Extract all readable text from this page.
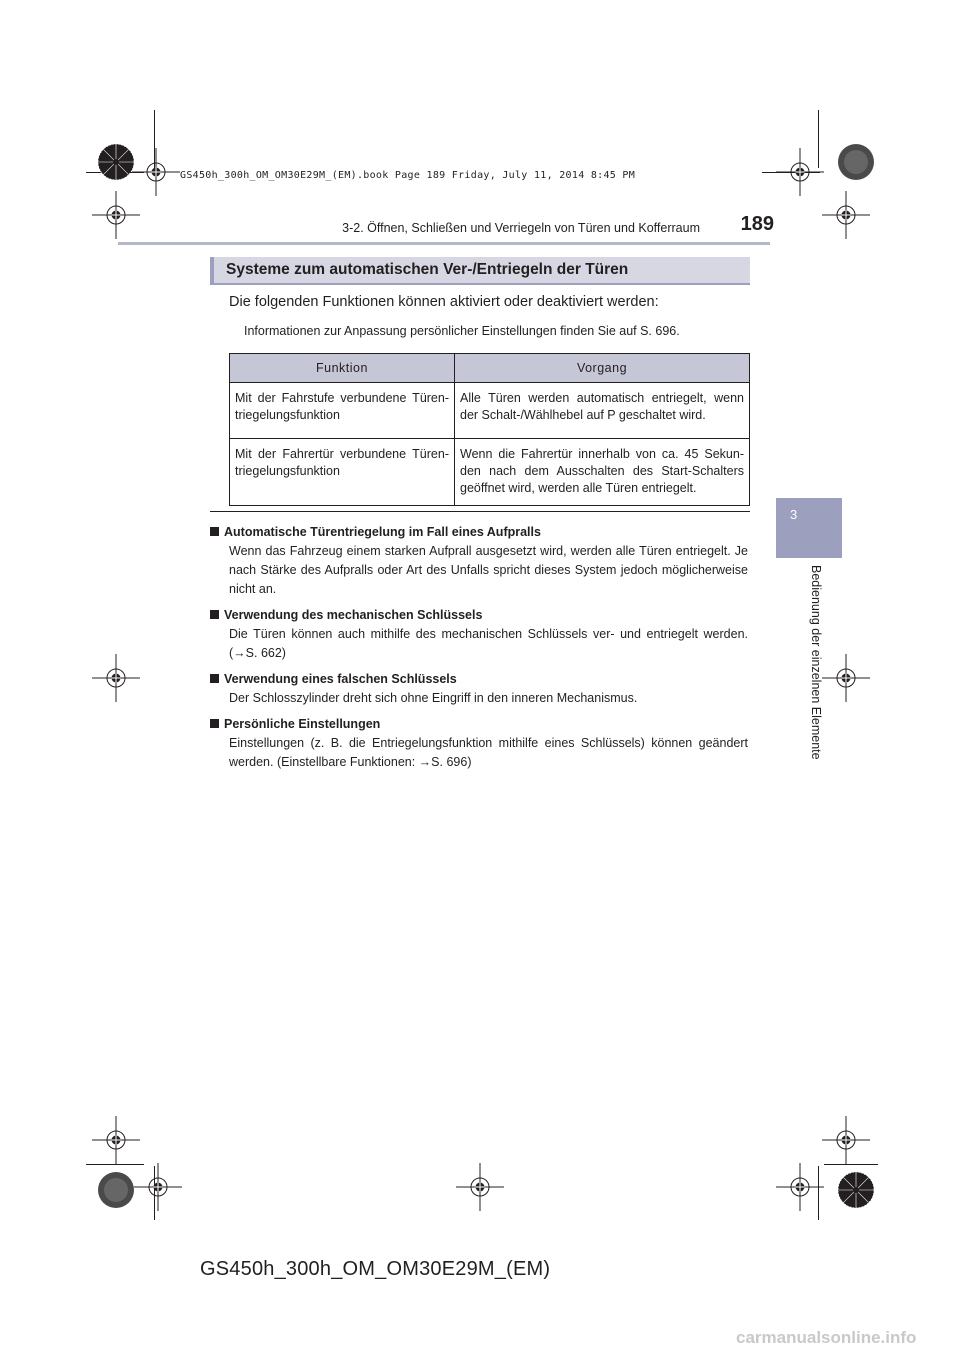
GS450h_300h_OM_OM30E29M_(EM).book Page 189 Friday, July 11, 2014 8:45 PM
3-2. Öffnen, Schließen und Verriegeln von Türen und Kofferraum	189
3
Bedienung der einzelnen Elemente
Systeme zum automatischen Ver-/Entriegeln der Türen
Die folgenden Funktionen können aktiviert oder deaktiviert werden:
Informationen zur Anpassung persönlicher Einstellungen finden Sie auf S. 696.
Funktion	Vorgang
Mit der Fahrstufe verbundene Türen-triegelungsfunktion	Alle Türen werden automatisch entriegelt, wenn der Schalt-/Wählhebel auf P geschaltet wird.
Mit der Fahrertür verbundene Türen-triegelungsfunktion	Wenn die Fahrertür innerhalb von ca. 45 Sekun-den nach dem Ausschalten des Start-Schalters geöffnet wird, werden alle Türen entriegelt.
Automatische Türentriegelung im Fall eines Aufpralls
Wenn das Fahrzeug einem starken Aufprall ausgesetzt wird, werden alle Türen entriegelt. Je nach Stärke des Aufpralls oder Art des Unfalls spricht dieses System jedoch möglicherweise nicht an.
Verwendung des mechanischen Schlüssels
Die Türen können auch mithilfe des mechanischen Schlüssels ver- und entriegelt werden. (→S. 662)
Verwendung eines falschen Schlüssels
Der Schlosszylinder dreht sich ohne Eingriff in den inneren Mechanismus.
Persönliche Einstellungen
Einstellungen (z. B. die Entriegelungsfunktion mithilfe eines Schlüssels) können geändert werden. (Einstellbare Funktionen: →S. 696)
GS450h_300h_OM_OM30E29M_(EM)
carmanualsonline.info
